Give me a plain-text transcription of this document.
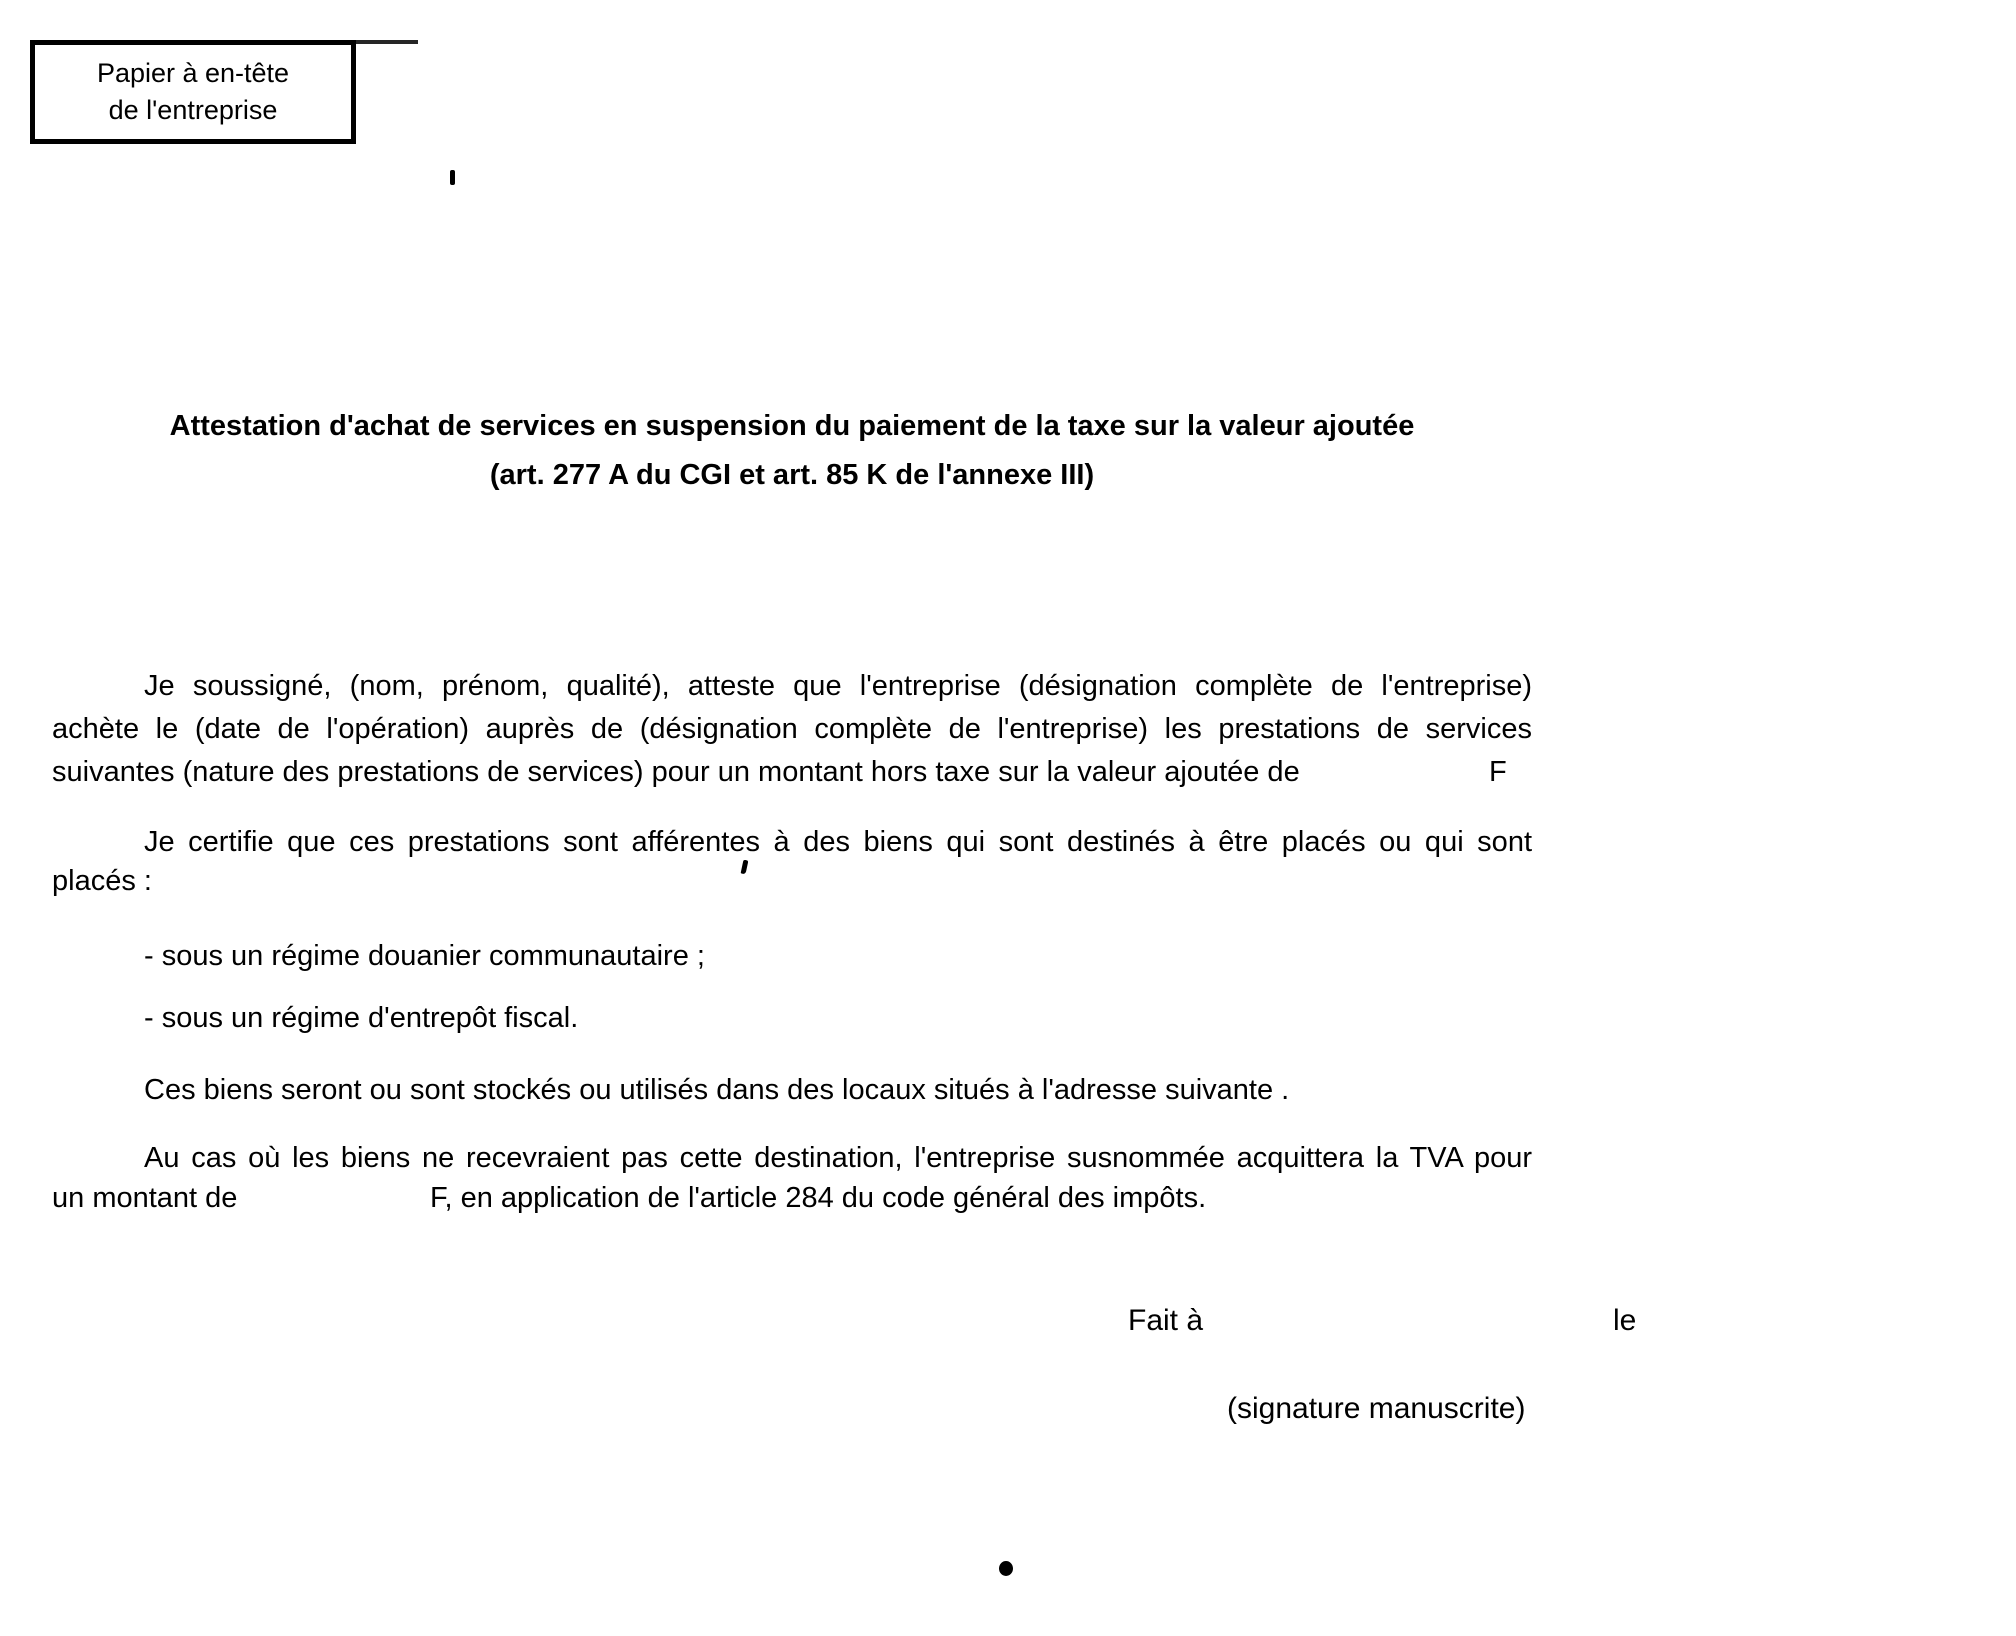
Papier à en-tête
de l'entreprise
Attestation d'achat de services en suspension du paiement de la taxe sur la valeur ajoutée
(art. 277 A du CGI et art. 85 K de l'annexe III)
Je soussigné, (nom, prénom, qualité), atteste que l'entreprise (désignation complète de l'entreprise)
achète le (date de l'opération) auprès de (désignation complète de l'entreprise) les prestations de services
suivantes (nature des prestations de services) pour un montant hors taxe sur la valeur ajoutée de	F
Je certifie que ces prestations sont afférentes à des biens qui sont destinés à être placés ou qui sont
placés :
- sous un régime douanier communautaire ;
- sous un régime d'entrepôt fiscal.
Ces biens seront ou sont stockés ou utilisés dans des locaux situés à l'adresse suivante .
Au cas où les biens ne recevraient pas cette destination, l'entreprise susnommée acquittera la TVA pour
un montant de	F, en application de l'article 284 du code général des impôts.
Fait à	le
(signature manuscrite)
